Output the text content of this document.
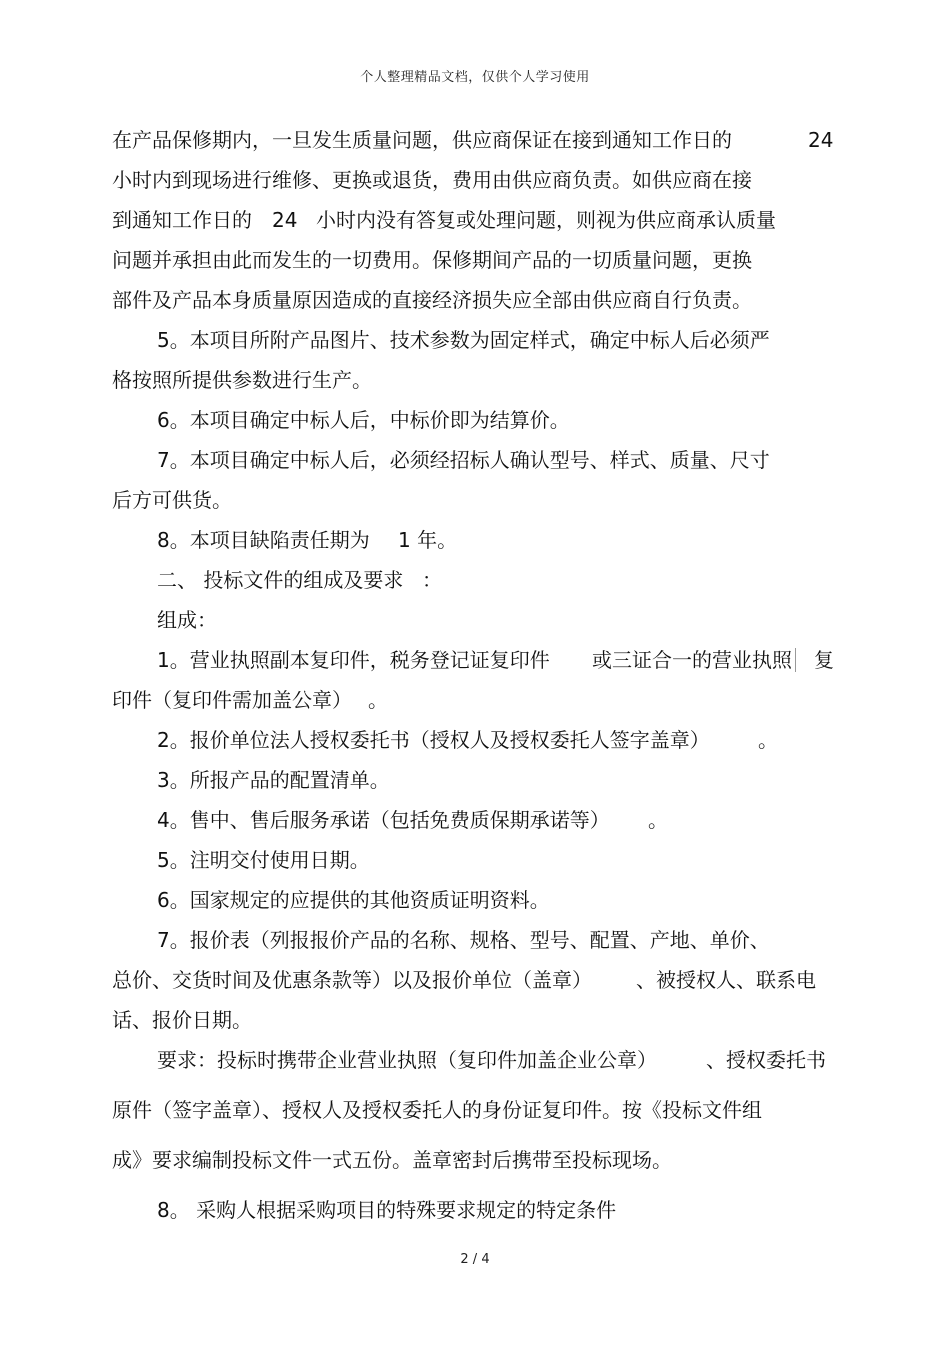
个人整理精品文档，仅供个人学习使用
在产品保修期内，一旦发生质量问题，供应商保证在接到通知工作日的	24
小时内到现场进行维修、更换或退货，费用由供应商负责。如供应商在接
到通知工作日的 24 小时内没有答复或处理问题，则视为供应商承认质量
问题并承担由此而发生的一切费用。保修期间产品的一切质量问题，更换
部件及产品本身质量原因造成的直接经济损失应全部由供应商自行负责。
5。本项目所附产品图片、技术参数为固定样式，确定中标人后必须严
格按照所提供参数进行生产。
6。本项目确定中标人后，中标价即为结算价。
7。本项目确定中标人后，必须经招标人确认型号、样式、质量、尺寸
后方可供货。
8。本项目缺陷责任期为 1 年。
二、 投标文件的组成及要求 ：
组成：
1。营业执照副本复印件，税务登记证复印件 或三证合一的营业执照 复
印件（复印件需加盖公章） 。
2。报价单位法人授权委托书（授权人及授权委托人签字盖章） 。
3。所报产品的配置清单。
4。售中、售后服务承诺（包括免费质保期承诺等） 。
5。注明交付使用日期。
6。国家规定的应提供的其他资质证明资料。
7。报价表（列报报价产品的名称、规格、型号、配置、产地、单价、
总价、交货时间及优惠条款等）以及报价单位（盖章） 、被授权人、联系电
话、报价日期。
要求：投标时携带企业营业执照（复印件加盖企业公章） 、授权委托书
原件（签字盖章）、授权人及授权委托人的身份证复印件。按《投标文件组
成》要求编制投标文件一式五份。盖章密封后携带至投标现场。
8。 采购人根据采购项目的特殊要求规定的特定条件
2 / 4
